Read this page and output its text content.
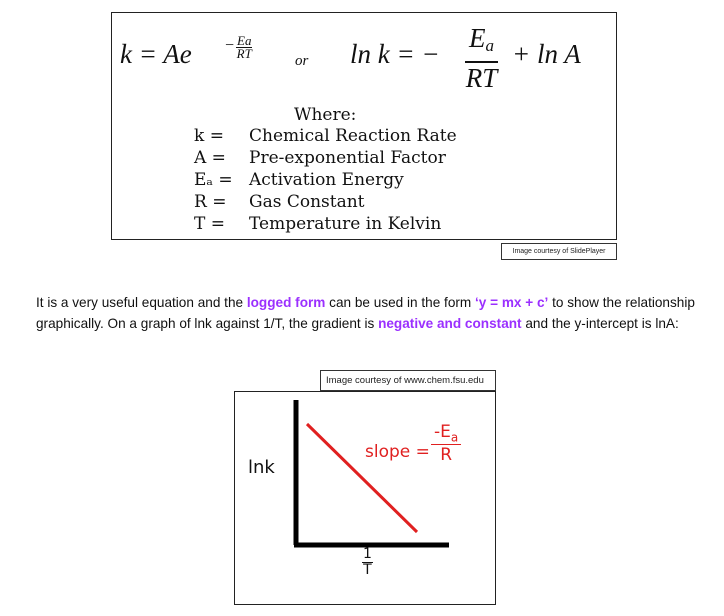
$k = Ae - \frac{Ea}{RT}$
or ln k = − $\frac{E_a}{RT} + \ln A$
Where:
k =	Chemical Reaction Rate
A =	Pre-exponential Factor
Eₐ = Activation Energy
R =	Gas Constant
T =	Temperature in Kelvin
Image courtesy of SlidePlayer

It is a very useful equation and the logged form can be used in the form ‘y = mx + c’ to show the relationship graphically. On a graph of lnk against 1/T, the gradient is negative and constant and the y-intercept is lnA:

Image courtesy of www.chem.fsu.edu
lnk
slope = $\frac{-E_a}{R}$
$\frac{1}{T}$
